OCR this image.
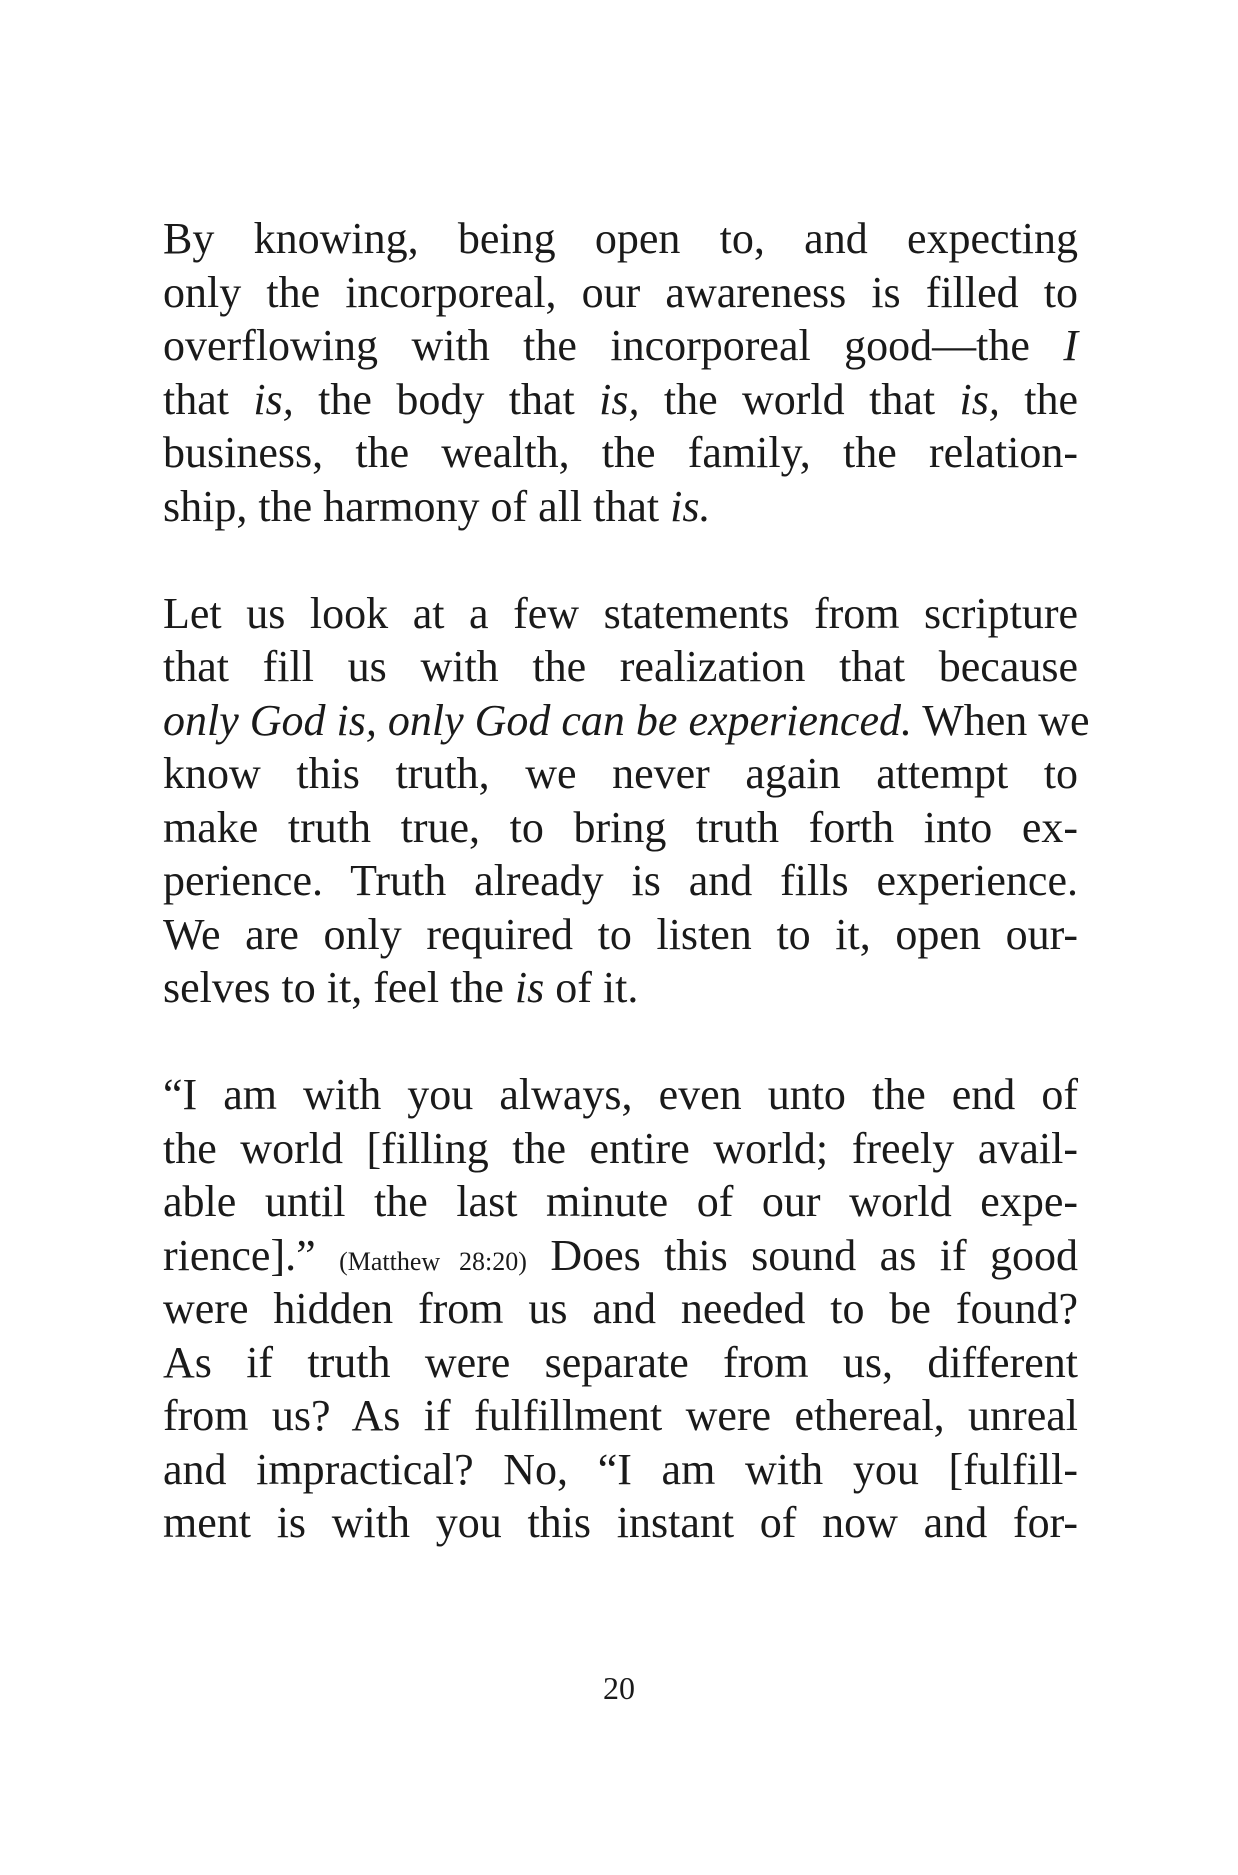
By knowing, being open to, and expecting
only the incorporeal, our awareness is filled to
overflowing with the incorporeal good—the I
that is, the body that is, the world that is, the
business, the wealth, the family, the relation-
ship, the harmony of all that is.
Let us look at a few statements from scripture
that fill us with the realization that because
only God is, only God can be experienced. When we
know this truth, we never again attempt to
make truth true, to bring truth forth into ex-
perience. Truth already is and fills experience.
We are only required to listen to it, open our-
selves to it, feel the is of it.
“I am with you always, even unto the end of
the world [filling the entire world; freely avail-
able until the last minute of our world expe-
rience].” (Matthew 28:20) Does this sound as if good
were hidden from us and needed to be found?
As if truth were separate from us, different
from us? As if fulfillment were ethereal, unreal
and impractical? No, “I am with you [fulfill-
ment is with you this instant of now and for-
20
